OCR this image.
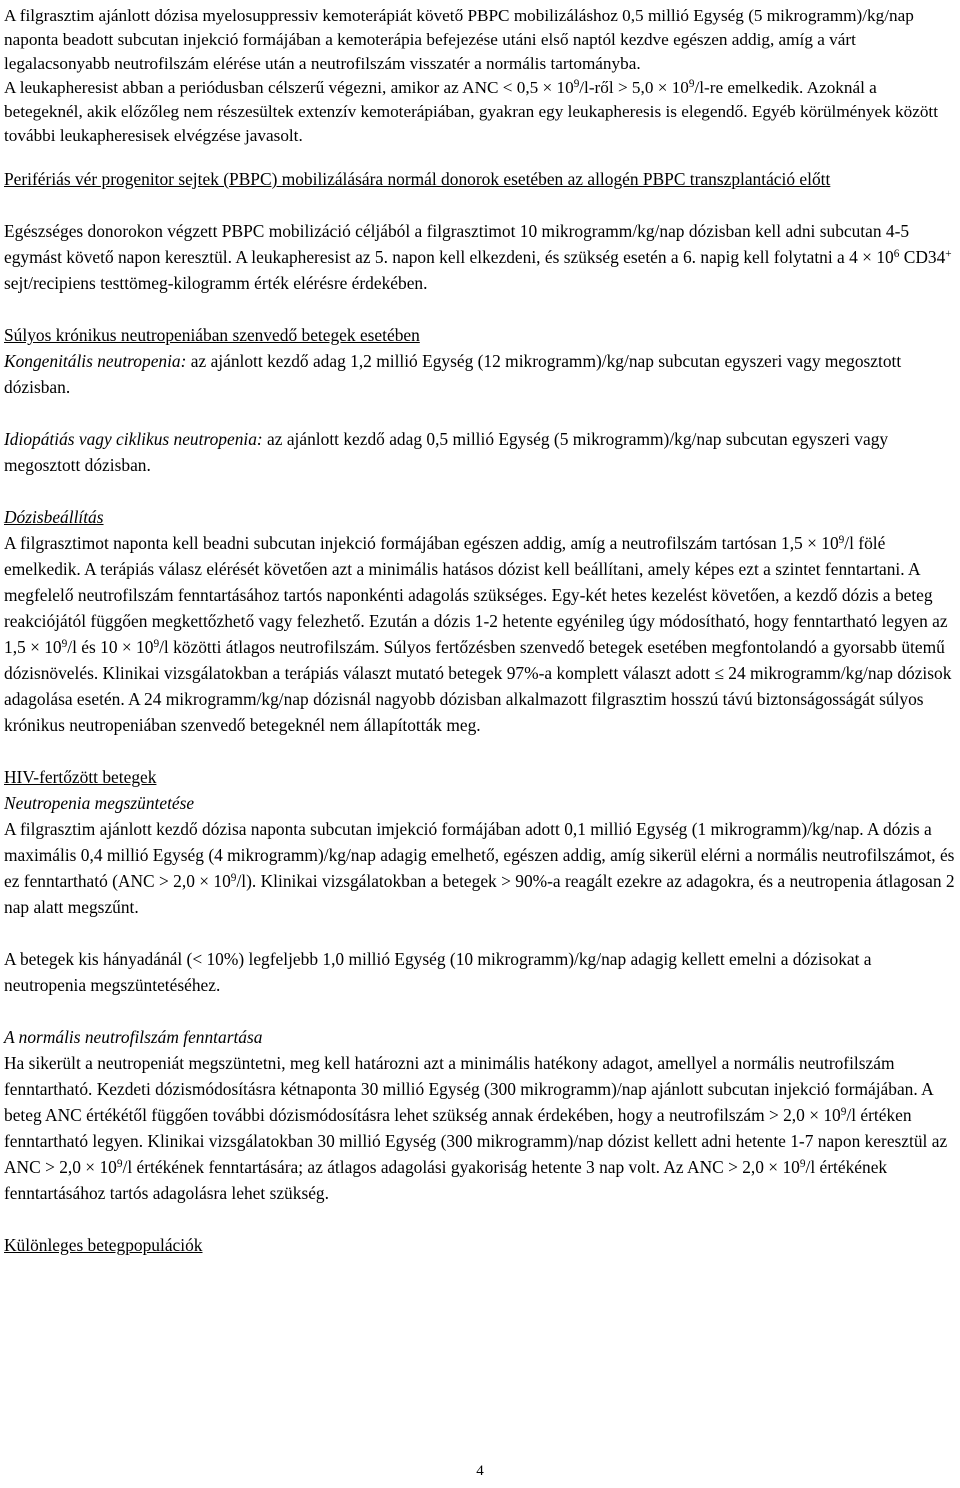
A filgrasztim ajánlott dózisa myelosuppressiv kemoterápiát követő PBPC mobilizáláshoz 0,5 millió Egység (5 mikrogramm)/kg/nap naponta beadott subcutan injekció formájában a kemoterápia befejezése utáni első naptól kezdve egészen addig, amíg a várt legalacsonyabb neutrofilszám elérése után a neutrofilszám visszatér a normális tartományba.

A leukapheresist abban a periódusban célszerű végezni, amikor az ANC < $0,5 \times 10^9/l$-ről > $5,0 \times 10^9/l-re$ emelkedik. Azoknál a betegeknél, akik előzőleg nem részesültek extenzív kemoterápiában, gyakran egy leukapheresis is elegendő. Egyéb körülmények között további leukapheresisek elvégzése javasolt.

Perifériás vér progenitor sejtek (PBPC) mobilizálására normál donorok esetében az allogén PBPC transzplantáció előtt

Egészséges donorokon végzett PBPC mobilizáció céljából a filgrasztimot 10 mikrogramm/kg/nap dózisban kell adni subcutan 4-5 egymást követő napon keresztül. A leukapheresist az 5. napon kell elkezdeni, és szükség esetén a 6. napig kell folytatni a $4 \times 10^6$ CD34+ sejt/recipiens testtömeg-kilogramm érték elérésre érdekében.

Súlyos krónikus neutropeniában szenvedő betegek esetében

Kongenitális neutropenia: az ajánlott kezdő adag 1,2 millió Egység (12 mikrogramm)/kg/nap subcutan egyszeri vagy megosztott dózisban.

Idiopátiás vagy ciklikus neutropenia: az ajánlott kezdő adag 0,5 millió Egység (5 mikrogramm)/kg/nap subcutan egyszeri vagy megosztott dózisban.

Dózisbeállítás

A filgrasztimot naponta kell beadni subcutan injekció formájában egészen addig, amíg a neutrofilszám tartósan $1,5 \times 10^9/l$ fölé emelkedik. A terápiás válasz elérését követően azt a minimális hatásos dózist kell beállítani, amely képes ezt a szintet fenntartani. A megfelelő neutrofilszám fenntartásához tartós naponkénti adagolás szükséges. Egy-két hetes kezelést követően, a kezdő dózis a beteg reakciójától függően megkettőzhető vagy felezhető. Ezután a dózis 1-2 hetente egyénileg úgy módosítható, hogy fenntartható legyen az $1,5 \times 10^9/l$ és $10 \times 10^9/l$ közötti átlagos neutrofilszám. Súlyos fertőzésben szenvedő betegek esetében megfontolandó a gyorsabb ütemű dózisnövelés. Klinikai vizsgálatokban a terápiás választ mutató betegek 97%-a komplett választ adott ≤ 24 mikrogramm/kg/nap dózisok adagolása esetén. A 24 mikrogramm/kg/nap dózisnál nagyobb dózisban alkalmazott filgrasztim hosszú távú biztonságosságát súlyos krónikus neutropeniában szenvedő betegeknél nem állapították meg.

HIV-fertőzött betegek

Neutropenia megszüntetése

A filgrasztim ajánlott kezdő dózisa naponta subcutan imjekció formájában adott 0,1 millió Egység (1 mikrogramm)/kg/nap. A dózis a maximális 0,4 millió Egység (4 mikrogramm)/kg/nap adagig emelhető, egészen addig, amíg sikerül elérni a normális neutrofilszámot, és ez fenntartható $(ANC > 2,0 \times 10^9/l)$. Klinikai vizsgálatokban a betegek > 90%-a reagált ezekre az adagokra, és a neutropenia átlagosan 2 nap alatt megszűnt.

A betegek kis hányadánál (< 10%) legfeljebb 1,0 millió Egység (10 mikrogramm)/kg/nap adagig kellett emelni a dózisokat a neutropenia megszüntetéséhez.

A normális neutrofilszám fenntartása

Ha sikerült a neutropeniát megszüntetni, meg kell határozni azt a minimális hatékony adagot, amellyel a normális neutrofilszám fenntartható. Kezdeti dózismódosításra kétnaponta 30 millió Egység (300 mikrogramm)/nap ajánlott subcutan injekció formájában. A beteg ANC értékétől függően további dózismódosításra lehet szükség annak érdekében, hogy a neutrofilszám > $2,0 \times 10^9/l$ értéken fenntartható legyen. Klinikai vizsgálatokban 30 millió Egység (300 mikrogramm)/nap dózist kellett adni hetente 1-7 napon keresztül az ANC > $2,0 \times 10^9/l$ értékének fenntartására; az átlagos adagolási gyakoriság hetente 3 nap volt. Az ANC > $2,0 \times 10^9/l$ értékének fenntartásához tartós adagolásra lehet szükség.

Különleges betegpopulációk

4
